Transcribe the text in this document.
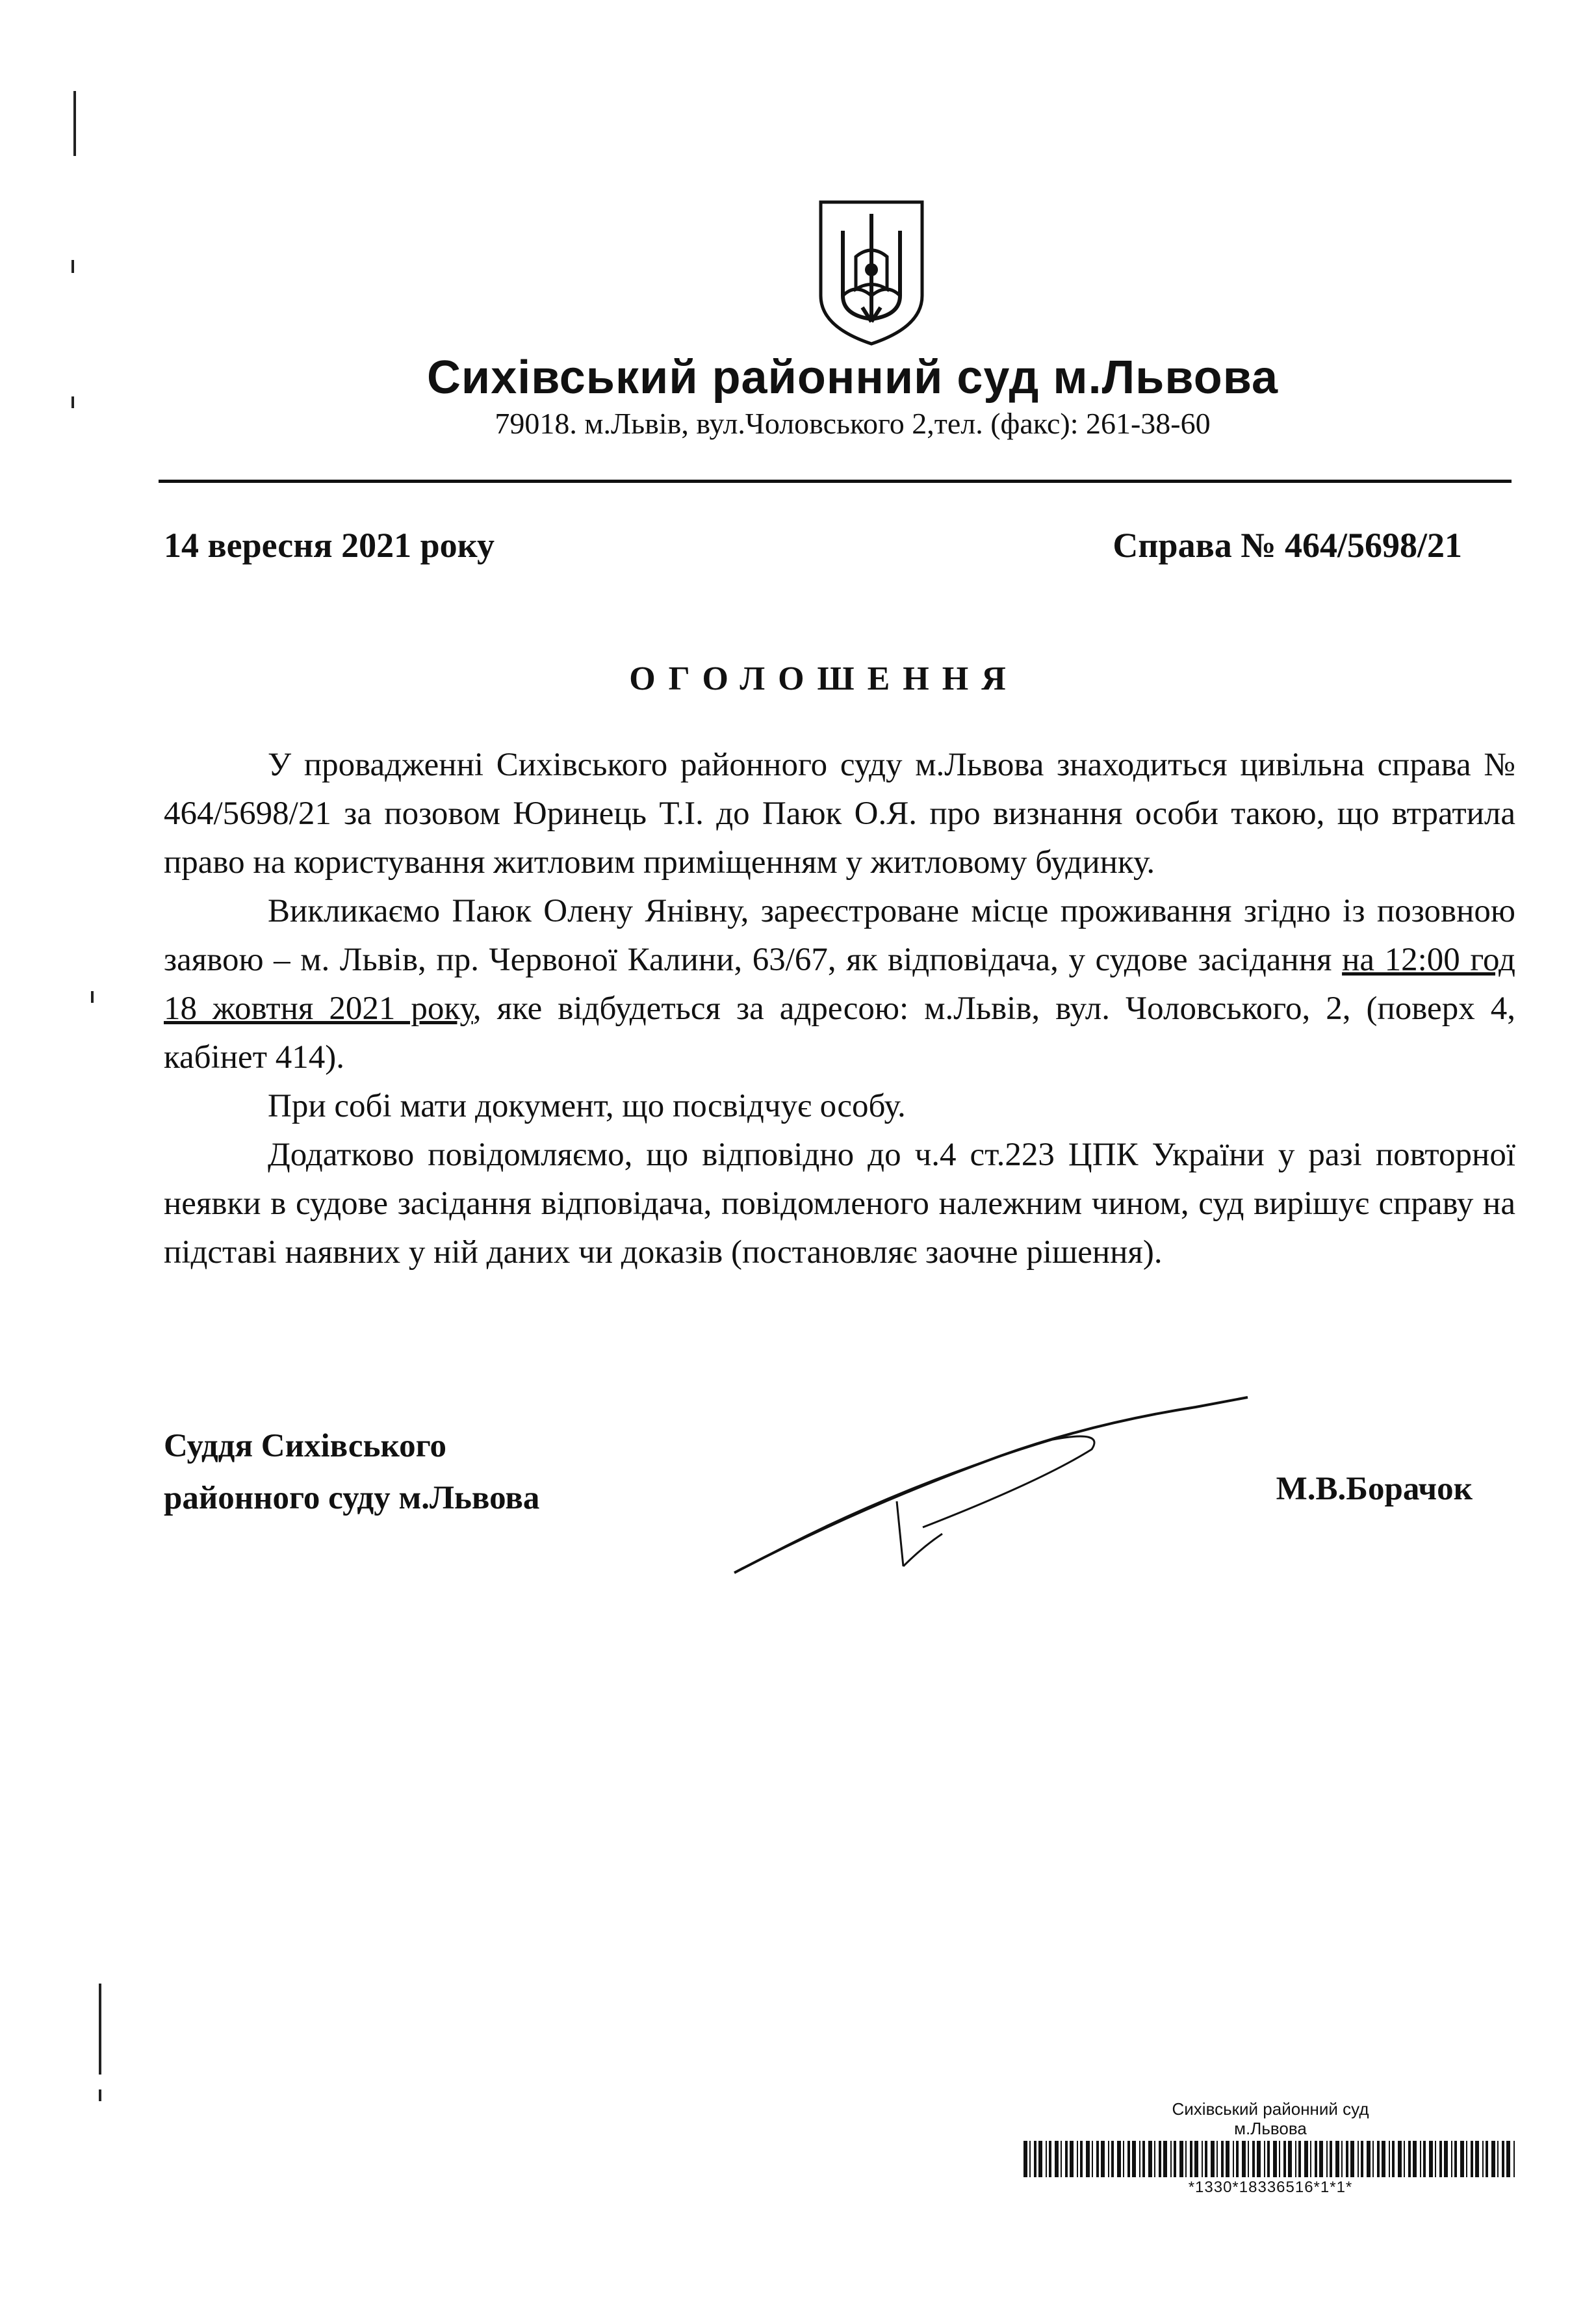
Сихівський районний суд м.Львова
79018. м.Львів, вул.Чоловського 2,тел. (факс): 261-38-60
14 вересня 2021 року	Справа № 464/5698/21
ОГОЛОШЕННЯ

У провадженні Сихівського районного суду м.Львова знаходиться цивільна справа № 464/5698/21 за позовом Юринець Т.І. до Паюк О.Я. про визнання особи такою, що втратила право на користування житловим приміщенням у житловому будинку.

Викликаємо Паюк Олену Янівну, зареєстроване місце проживання згідно із позовною заявою – м. Львів, пр. Червоної Калини, 63/67, як відповідача, у судове засідання на 12:00 год 18 жовтня 2021 року, яке відбудеться за адресою: м.Львів, вул. Чоловського, 2, (поверх 4, кабінет 414).

При собі мати документ, що посвідчує особу.

Додатково повідомляємо, що відповідно до ч.4 ст.223 ЦПК України у разі повторної неявки в судове засідання відповідача, повідомленого належним чином, суд вирішує справу на підставі наявних у ній даних чи доказів (постановляє заочне рішення).

Суддя Сихівського
районного суду м.Львова	М.В.Борачок
Сихівський районний суд
м.Львова
*1330*18336516*1*1*
